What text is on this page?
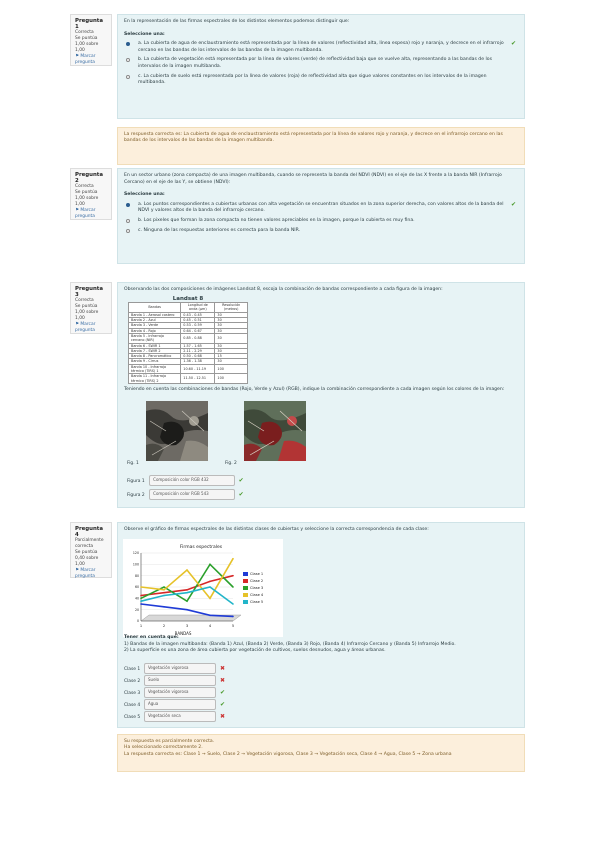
Pregunta 1
Correcta
Se puntúa 1,00 sobre 1,00
⚑ Marcar pregunta
En la representación de las firmas espectrales de los distintos elementos podemos distinguir que:
Seleccione una:
a. La cubierta de agua de enclaustramiento está representada por la línea de valores (reflectividad alta, línea espesa) rojo y naranja, y decrece en el infrarrojo cercano en las bandas de los intervalos de las bandas de la imagen multibanda.
✔
b. La cubierta de vegetación está representada por la línea de valores (verde) de reflectividad baja que se vuelve alta, representando a las bandas de los intervalos de la imagen multibanda.
c. La cubierta de suelo está representada por la línea de valores (roja) de reflectividad alta que sigue valores constantes en los intervalos de la imagen multibanda.
La respuesta correcta es: La cubierta de agua de enclaustramiento está representada por la línea de valores rojo y naranja, y decrece en el infrarrojo cercano en las bandas de los intervalos de las bandas de la imagen multibanda.
Pregunta 2
Correcta
Se puntúa 1,00 sobre 1,00
⚑ Marcar pregunta
En un sector urbano (zona compacta) de una imagen multibanda, cuando se representa la banda del NDVI (NDVI) en el eje de las X frente a la banda NIR (Infrarrojo Cercano) en el eje de las Y, se obtiene (NDVI):
Seleccione una:
a. Los puntos correspondientes a cubiertas urbanas con alta vegetación se encuentran situados en la zona superior derecha, con valores altos de la banda del NDVI y valores altos de la banda del infrarrojo cercano.
✔
b. Los pixeles que forman la zona compacta no tienen valores apreciables en la imagen, porque la cubierta es muy fina.
c. Ninguna de las respuestas anteriores es correcta para la banda NIR.
Pregunta 3
Correcta
Se puntúa 1,00 sobre 1,00
⚑ Marcar pregunta
Observando las dos composiciones de imágenes Landsat 8, escoja la combinación de bandas correspondiente a cada figura de la imagen:
Landsat 8
Bandas	Longitud de onda (µm)	Resolución (metros)
Banda 1 - Aerosol costero	0.43 - 0.45	30
Banda 2 - Azul	0.45 - 0.51	30
Banda 3 - Verde	0.53 - 0.59	30
Banda 4 - Rojo	0.64 - 0.67	30
Banda 5 - Infrarrojo cercano (NIR)	0.85 - 0.88	30
Banda 6 - SWIR 1	1.57 - 1.65	30
Banda 7 - SWIR 2	2.11 - 2.29	30
Banda 8 - Pancromático	0.50 - 0.68	15
Banda 9 - Cirrus	1.36 - 1.38	30
Banda 10 - Infrarrojo térmico (TIRS) 1	10.60 - 11.19	100
Banda 11 - Infrarrojo térmico (TIRS) 2	11.50 - 12.51	100
Teniendo en cuenta las combinaciones de bandas (Rojo, Verde y Azul) (RGB), indique la combinación correspondiente a cada imagen según los colores de la imagen:
Fig. 1	Fig. 2
Figura 1 Composición color RGB 432	✔
Figura 2 Composición color RGB 543	✔
Pregunta 4
Parcialmente correcta
Se puntúa 0,40 sobre 1,00
⚑ Marcar pregunta
Observe el gráfico de firmas espectrales de las distintas clases de cubiertas y seleccione la correcta correspondencia de cada clase:
Firmas espectrales
1	2	3	4	5
0
20
40
60
80
100
120
Clase 1
Clase 2
Clase 3
Clase 4
Clase 5
BANDAS
Tener en cuenta que:
1) Bandas de la imagen multibanda: (Banda 1) Azul, (Banda 2) Verde, (Banda 3) Rojo, (Banda 4) Infrarrojo Cercano y (Banda 5) Infrarrojo Medio.
2) La superficie es una zona de área cubierta por vegetación de cultivos, suelos desnudos, agua y áreas urbanas.
Clase 1 Vegetación vigorosa	✖
Clase 2 Suelo	✖
Clase 3 Vegetación vigorosa	✔
Clase 4 Agua	✔
Clase 5 Vegetación seca	✖
Su respuesta es parcialmente correcta.
Ha seleccionado correctamente 2.
La respuesta correcta es: Clase 1 → Suelo, Clase 2 → Vegetación vigorosa, Clase 3 → Vegetación seca, Clase 4 → Agua, Clase 5 → Zona urbana
